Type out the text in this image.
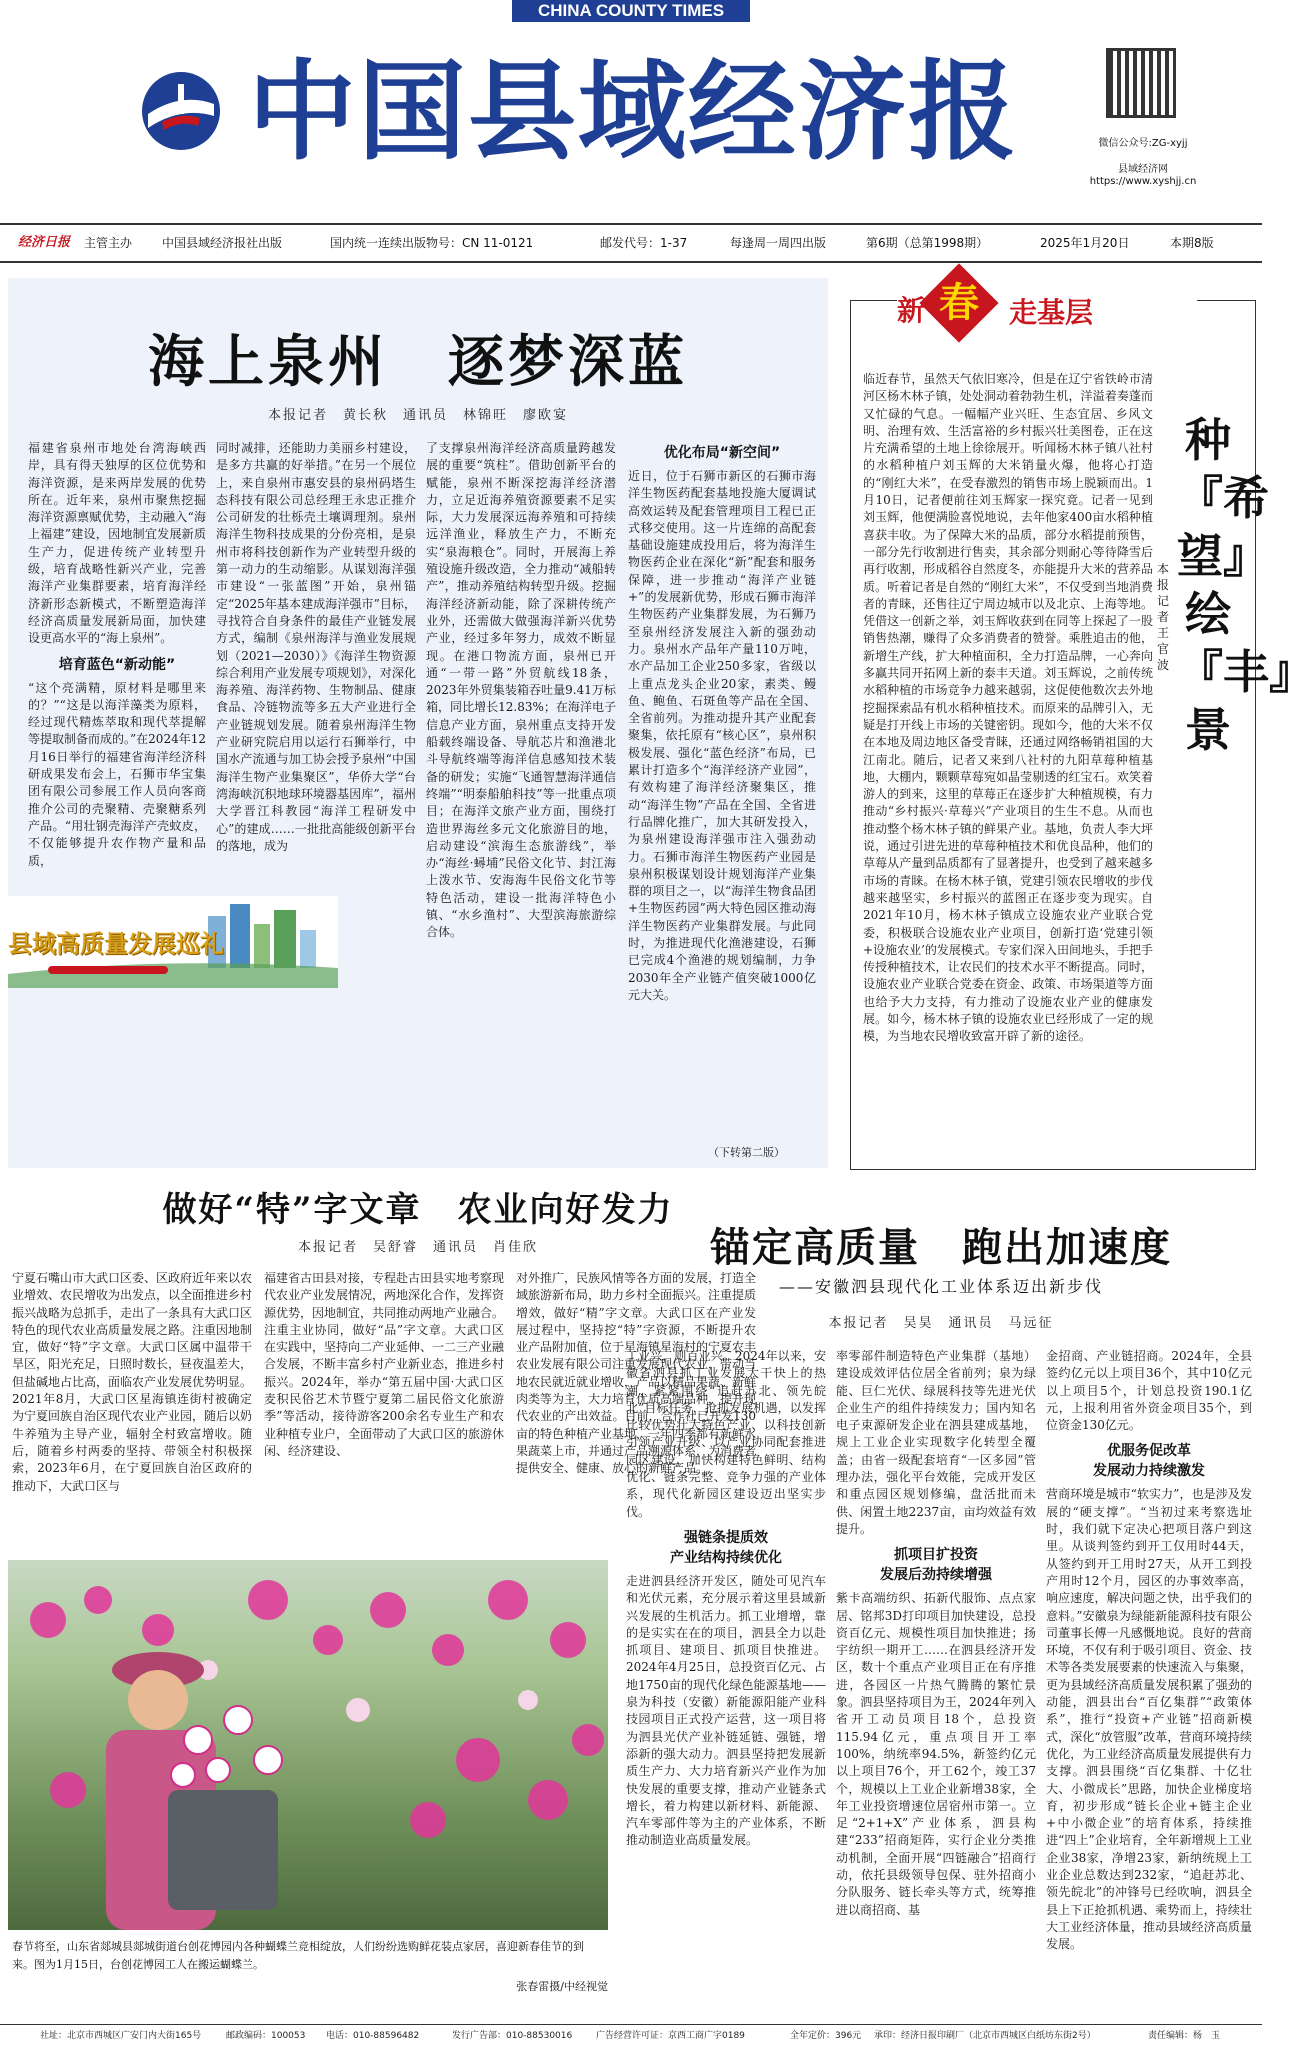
CHINA COUNTY TIMES
中国县域经济报	微信公众号:ZG-xyjj
县域经济网
https://www.xyshjj.cn
经济日报 主管主办 中国县域经济报社出版	国内统一连续出版物号：CN 11-0121	邮发代号：1-37	每逢周一周四出版	第6期（总第1998期）	2025年1月20日	本期8版
海上泉州　逐梦深蓝
本报记者　黄长秋　通讯员　林锦旺　廖欧宴

福建省泉州市地处台湾海峡西岸，具有得天独厚的区位优势和海洋资源，是来两岸发展的优势所在。近年来，泉州市聚焦挖掘海洋资源禀赋优势，主动融入“海上福建”建设，因地制宜发展新质生产力，促进传统产业转型升级，培育战略性新兴产业，完善海洋产业集群要素，培育海洋经济新形态新模式，不断塑造海洋经济高质量发展新局面，加快建设更高水平的“海上泉州”。

培育蓝色“新动能”

“这个亮满精，原材料是哪里来的？”“这是以海洋藻类为原料，经过现代精炼萃取和现代萃提解等提取制备而成的。”在2024年12月16日举行的福建省海洋经济科研成果发布会上，石狮市华宝集团有限公司参展工作人员向客商推介公司的壳聚精、壳聚糖系列产品。“用壮钢壳海洋产壳蚊皮，不仅能够提升农作物产量和品质，

同时减排，还能助力美丽乡村建设，是多方共赢的好举措。”在另一个展位上，来自泉州市惠安县的泉州码塔生态科技有限公司总经理王永忠正推介公司研发的壮栎壳土壤调理剂。泉州海洋生物科技成果的分份亮相，是泉州市将科技创新作为产业转型升级的第一动力的生动缩影。从谋划海洋强市建设“一张蓝图”开始，泉州锚定“2025年基本建成海洋强市”目标，寻找符合自身条件的最佳产业链发展方式，编制《泉州海洋与渔业发展规划（2021—2030）》《海洋生物资源综合利用产业发展专项规划》，对深化海养殖、海洋药物、生物制品、健康食品、冷链物流等多五大产业进行全产业链规划发展。随着泉州海洋生物产业研究院启用以运行石狮举行，中国水产流通与加工协会授予泉州“中国海洋生物产业集聚区”，华侨大学“台湾海峡沉积地球环境器基因库”，福州大学晋江科教园“海洋工程研发中心”的建成……一批批高能级创新平台的落地，成为

了支撑泉州海洋经济高质量跨越发展的重要“筑柱”。借助创新平台的赋能，泉州不断深挖海洋经济潜力，立足近海养殖资源要素不足实际，大力发展深远海养殖和可持续远洋渔业，释放生产力，不断充实“泉海粮仓”。同时，开展海上养殖设施升级改造，全力推动“减船转产”，推动养殖结构转型升级。挖掘海洋经济新动能，除了深耕传统产业外，还需做大做强海洋新兴优势产业，经过多年努力，成效不断显现。在港口物流方面，泉州已开通“一带一路”外贸航线18条，2023年外贸集装箱吞吐量9.41万标箱，同比增长12.83%；在海洋电子信息产业方面，泉州重点支持开发船载终端设备、导航芯片和渔港北斗导航终端等海洋信息感知技术装备的研发；实施“飞通智慧海洋通信终端”“明泰船舶科技”等一批重点项目；在海洋文旅产业方面，围绕打造世界海丝多元文化旅游目的地，启动建设“滨海生态旅游线”，举办“海丝·蟳埔”民俗文化节、封江海上泼水节、安海海牛民俗文化节等特色活动，建设一批海洋特色小镇、“水乡渔村”、大型滨海旅游综合体。

优化布局“新空间”

近日，位于石狮市新区的石狮市海洋生物医药配套基地投施大厦调试高效运转及配套管理项目工程已正式移交使用。这一片连绵的高配套基础设施建成投用后，将为海洋生物医药企业在深化“新”配套和服务保障，进一步推动“海洋产业链+”的发展新优势，形成石狮市海洋生物医药产业集群发展，为石狮乃至泉州经济发展注入新的强劲动力。泉州水产品年产量110万吨，水产品加工企业250多家，省级以上重点龙头企业20家，素类、鳗鱼、鲍鱼、石斑鱼等产品在全国、全省前列。为推动提升其产业配套聚集，依托原有“核心区”，泉州积极发展、强化“蓝色经济”布局，已累计打造多个“海洋经济产业园”，有效构建了海洋经济聚集区，推动“海洋生物”产品在全国、全省进行品牌化推广，加大其研发投入，为泉州建设海洋强市注入强劲动力。石狮市海洋生物医药产业园是泉州积极谋划设计规划海洋产业集群的项目之一，以“海洋生物食品团+生物医药园”两大特色园区推动海洋生物医药产业集群发展。与此同时，为推进现代化渔港建设，石狮已完成4个渔港的规划编制，力争2030年全产业链产值突破1000亿元大关。

（下转第二版）
县域高质量发展巡礼
新 春	走基层

临近春节，虽然天气依旧寒冷，但是在辽宁省铁岭市清河区杨木林子镇，处处洞动着勃勃生机，洋溢着奏蓬而又忙碌的气息。一幅幅产业兴旺、生态宜居、乡风文明、治理有效、生活富裕的乡村振兴壮美图卷，正在这片充满希望的土地上徐徐展开。听闻杨木林子镇八社村的水稻种植户刘玉辉的大米销量火爆，他将心打造的“刚红大米”，在受春激烈的销售市场上脱颖而出。1月10日，记者便前往刘玉辉家一探究竟。记者一见到刘玉辉，他便满脸喜悦地说，去年他家400亩水稻种植喜获丰收。为了保障大米的品质，部分水稻提前预售，一部分先行收割进行售卖，其余部分则耐心等待降雪后再行收割，形成稻谷自然度冬，亦能提升大米的营养品质。听着记者是自然的“刚红大米”，不仅受到当地消费者的青睐，还售往辽宁周边城市以及北京、上海等地。凭借这一创新之举，刘玉辉收获到在同等上探起了一股销售热潮，赚得了众多消费者的赞誉。乘胜追击的他，新增生产线，扩大种植面积，全力打造品牌，一心奔向多赢共同开拓网上新的泰丰天道。刘玉辉说，之前传统水稻种植的市场竞争力越来越弱，这促使他数次去外地挖掘探索品有机水稻种植技术。而原来的品牌引入，无疑是打开线上市场的关键密钥。现如今，他的大米不仅在本地及周边地区备受青睐，还通过网络畅销祖国的大江南北。随后，记者又来到八社村的九阳草莓种植基地，大棚内，颗颗草莓宛如晶莹剔透的红宝石。欢笑着游人的到来，这里的草莓正在逐步扩大种植规模，有力推动“乡村振兴·草莓兴”产业项目的生生不息。从而也推动整个杨木林子镇的鲜果产业。基地，负责人李大坪说，通过引进先进的草莓种植技术和优良品种，他们的草莓从产量到品质都有了显著提升，也受到了越来越多市场的青睐。在杨木林子镇，党建引领农民增收的步伐越来越坚实，乡村振兴的蓝图正在逐步变为现实。自2021年10月，杨木林子镇成立设施农业产业联合党委，积极联合设施农业产业项目，创新打造‘党建引领+设施农业’的发展模式。专家们深入田间地头，手把手传授种植技术，让农民们的技术水平不断提高。同时，设施农业产业联合党委在资金、政策、市场渠道等方面也给予大力支持，有力推动了设施农业产业的健康发展。如今，杨木林子镇的设施农业已经形成了一定的规模，为当地农民增收致富开辟了新的途径。

种『希望』 绘『丰』景
本报记者　王官波
做好“特”字文章　农业向好发力
本报记者　吴舒睿　通讯员　肖佳欣

宁夏石嘴山市大武口区委、区政府近年来以农业增效、农民增收为出发点，以全面推进乡村振兴战略为总抓手，走出了一条具有大武口区特色的现代农业高质量发展之路。注重因地制宜，做好“特”字文章。大武口区属中温带干旱区，阳光充足，日照时数长，昼夜温差大，但盐碱地占比高，面临农产业发展优势明显。2021年8月，大武口区星海镇连街村被确定为宁夏回族自治区现代农业产业园，随后以奶牛养殖为主导产业，辐射全村致富增收。随后，随着乡村两委的坚持、带领全村积极探索，2023年6月，在宁夏回族自治区政府的推动下，大武口区与

福建省古田县对接，专程赴古田县实地考察现代农业产业发展情况，两地深化合作，发挥资源优势，因地制宜，共同推动两地产业融合。注重主业协同，做好“品”字文章。大武口区在实践中，坚持向二产业延伸、一二三产业融合发展，不断丰富乡村产业新业态，推进乡村振兴。2024年，举办“第五届中国·大武口区麦积民俗艺术节暨宁夏第二届民俗文化旅游季”等活动，接待游客200余名专业生产和农业种植专业户，全面带动了大武口区的旅游休闲、经济建设、

对外推广，民族风情等各方面的发展，打造全域旅游新布局，助力乡村全面振兴。注重提质增效，做好“精”字文章。大武口区在产业发展过程中，坚持挖“特”字资源，不断提升农业产品附加值，位于星海镇星海村的宁夏农丰农业发展有限公司注重发展现代农业，带动当地农民就近就业增收，产品以精品果蔬、新鲜肉类等为主，大力培育优质高端品种，提升现代农业的产出效益。目前，合作社已开发130亩的特色种植产业基地，一年四季都有新鲜水果蔬菜上市，并通过产品溯源体系，为消费者提供安全、健康、放心的新鲜产品。

春节将至，山东省郯城县郯城街道台创花博园内各种蝴蝶兰竞相绽放，人们纷纷选购鲜花装点家居，喜迎新春佳节的到来。图为1月15日，台创花博园工人在搬运蝴蝶兰。
张春雷摄/中经视觉
锚定高质量　跑出加速度
——安徽泗县现代化工业体系迈出新步伐
本报记者　吴昊　通讯员　马远征

工业兴，则百业兴。2024年以来，安徽省泗县抓工业发展大干快上的热潮，紧紧围绕“追赶苏北、领先皖北”目标任务，抢抓发展机遇，以发挥比较优势壮大特色产业、以科技创新引领产业升级、以产业协同配套推进园区建设，加快构建特色鲜明、结构优化、链条完整、竞争力强的产业体系，现代化新园区建设迈出坚实步伐。

强链条提质效
产业结构持续优化

走进泗县经济开发区，随处可见汽车和光伏元素，充分展示着这里县域新兴发展的生机活力。抓工业增增，靠的是实实在在的项目，泗县全力以赴抓项目、建项目、抓项目快推进。2024年4月25日，总投资百亿元、占地1750亩的现代化绿色能源基地——泉为科技（安徽）新能源阳能产业科技园项目正式投产运营，这一项目将为泗县光伏产业补链延链、强链，增添新的强大动力。泗县坚持把发展新质生产力、大力培育新兴产业作为加快发展的重要支撑，推动产业链条式增长，着力构建以新材料、新能源、汽车零部件等为主的产业体系，不断推动制造业高质量发展。

率零部件制造特色产业集群（基地）建设成效评估位居全省前列；泉为绿能、巨仁光伏、绿展科技等先进光伏企业生产的组件持续发力；国内知名电子束源研发企业在泗县建成基地，规上工业企业实现数字化转型全覆盖；由省一级配套培育“一区多园”管理办法，强化平台效能，完成开发区和重点园区规划修编，盘活批而未供、闲置土地2237亩，亩均效益有效提升。

抓项目扩投资
发展后劲持续增强

紫卡高端纺织、拓新代服饰、点点家居、铭邦3D打印项目加快建设，总投资百亿元、规模性项目加快推进；扬宇纺织一期开工……在泗县经济开发区，数十个重点产业项目正在有序推进，各园区一片热气腾腾的繁忙景象。泗县坚持项目为王，2024年列入省开工动员项目18个，总投资115.94亿元，重点项目开工率100%，纳统率94.5%，新签约亿元以上项目76个，开工62个，竣工37个，规模以上工业企业新增38家，全年工业投资增速位居宿州市第一。立足“2+1+X”产业体系，泗县构建“233”招商矩阵，实行企业分类推动机制，全面开展“四链融合”招商行动，依托县级领导包保、驻外招商小分队服务、链长牵头等方式，统筹推进以商招商、基

金招商、产业链招商。2024年，全县签约亿元以上项目36个，其中10亿元以上项目5个，计划总投资190.1亿元，上报利用省外资金项目35个，到位资金130亿元。

优服务促改革
发展动力持续激发

营商环境是城市“软实力”，也是涉及发展的“硬支撑”。“当初过来考察选址时，我们就下定决心把项目落户到这里。从谈判签约到开工仅用时44天，从签约到开工用时27天，从开工到投产用时12个月，园区的办事效率高，响应速度，解决问题之快，出乎我们的意料。”安徽泉为绿能新能源科技有限公司董事长傅一凡感慨地说。良好的营商环境，不仅有利于吸引项目、资金、技术等各类发展要素的快速流入与集聚，更为县域经济高质量发展积累了强劲的动能，泗县出台“百亿集群”“政策体系”，推行“投资+产业链”招商新模式，深化“放管服”改革，营商环境持续优化，为工业经济高质量发展提供有力支撑。泗县围绕“百亿集群、十亿壮大、小微成长”思路，加快企业梯度培育，初步形成“链长企业+链主企业+中小微企业”的培育体系，持续推进“四上”企业培育，全年新增规上工业企业38家，净增23家，新纳统规上工业企业总数达到232家，“追赶苏北、领先皖北”的冲锋号已经吹响，泗县全县上下正抢抓机遇、乘势而上，持续壮大工业经济体量，推动县域经济高质量发展。

社址：北京市西城区广安门内大街165号	邮政编码：100053 电话：010-88596482	发行广告部：010-88530016	广告经营许可证：京西工商广字0189	全年定价：396元 承印：经济日报印刷厂（北京市西城区白纸坊东街2号）	责任编辑：杨　玉
